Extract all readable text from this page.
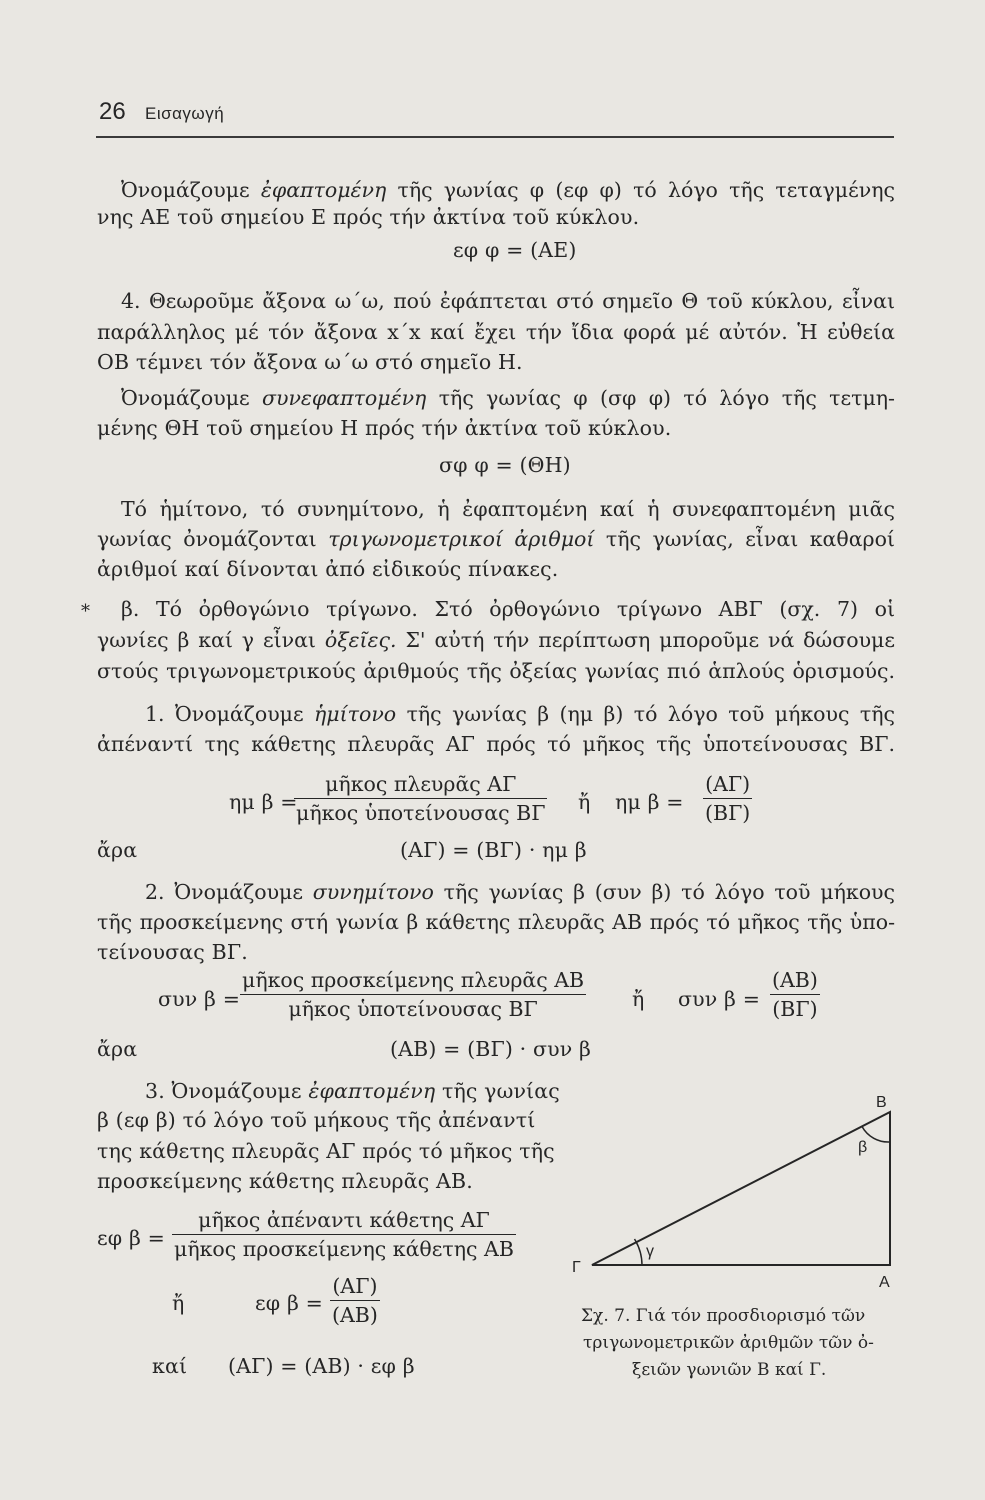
26 Εισαγωγή
Ὀνομάζουμε ἐφαπτομένη τῆς γωνίας φ (εφ φ) τό λόγο τῆς τεταγμένης
νης ΑΕ τοῦ σημείου Ε πρός τήν ἀκτίνα τοῦ κύκλου.
εφ φ = (ΑΕ)
4. Θεωροῦμε ἄξονα ω΄ω, πού ἐφάπτεται στό σημεῖο Θ τοῦ κύκλου, εἶναι
παράλληλος μέ τόν ἄξονα x΄x καί ἔχει τήν ἴδια φορά μέ αὐτόν. Ἡ εὐθεία
ΟΒ τέμνει τόν ἄξονα ω΄ω στό σημεῖο Η.
Ὀνομάζουμε συνεφαπτομένη τῆς γωνίας φ (σφ φ) τό λόγο τῆς τετμη-
μένης ΘΗ τοῦ σημείου Η πρός τήν ἀκτίνα τοῦ κύκλου.
σφ φ = (ΘΗ)
Τό ἡμίτονο, τό συνημίτονο, ἡ ἐφαπτομένη καί ἡ συνεφαπτομένη μιᾶς
γωνίας ὀνομάζονται τριγωνομετρικοί ἀριθμοί τῆς γωνίας, εἶναι καθαροί
ἀριθμοί καί δίνονται ἀπό εἰδικούς πίνακες.
*	β. Τό ὀρθογώνιο τρίγωνο. Στό ὀρθογώνιο τρίγωνο ΑΒΓ (σχ. 7) οἱ
γωνίες β καί γ εἶναι ὀξεῖες. Σ' αὐτή τήν περίπτωση μποροῦμε νά δώσουμε
στούς τριγωνομετρικούς ἀριθμούς τῆς ὀξείας γωνίας πιό ἁπλούς ὁρισμούς.
1. Ὀνομάζουμε ἡμίτονο τῆς γωνίας β (ημ β) τό λόγο τοῦ μήκους τῆς
ἀπέναντί της κάθετης πλευρᾶς ΑΓ πρός τό μῆκος τῆς ὑποτείνουσας ΒΓ.
ημ β =
μῆκος πλευρᾶς ΑΓ
μῆκος ὑποτείνουσας ΒΓ ἤ ημ β =
(ΑΓ)
(ΒΓ)
ἄρα	(ΑΓ) = (ΒΓ) · ημ β
2. Ὀνομάζουμε συνημίτονο τῆς γωνίας β (συν β) τό λόγο τοῦ μήκους
τῆς προσκείμενης στή γωνία β κάθετης πλευρᾶς ΑΒ πρός τό μῆκος τῆς ὑπο-
τείνουσας ΒΓ.
συν β =
μῆκος προσκείμενης πλευρᾶς ΑΒ
μῆκος ὑποτείνουσας ΒΓ	ἤ συν β =
(ΑΒ)
(ΒΓ)
ἄρα	(ΑΒ) = (ΒΓ) · συν β
3. Ὀνομάζουμε ἐφαπτομένη τῆς γωνίας
β (εφ β) τό λόγο τοῦ μήκους τῆς ἀπέναντί
της κάθετης πλευρᾶς ΑΓ πρός τό μῆκος τῆς
προσκείμενης κάθετης πλευρᾶς ΑΒ.
εφ β =
μῆκος ἀπέναντι κάθετης ΑΓ
μῆκος προσκείμενης κάθετης ΑΒ
ἤ	εφ β =
(ΑΓ)
(ΑΒ)
καί (ΑΓ) = (ΑΒ) · εφ β
Β
Α
Γ
β
γ
Σχ. 7. Γιά τόν προσδιορισμό τῶν
τριγωνομετρικῶν ἀριθμῶν τῶν ὀ-
ξειῶν γωνιῶν Β καί Γ.
